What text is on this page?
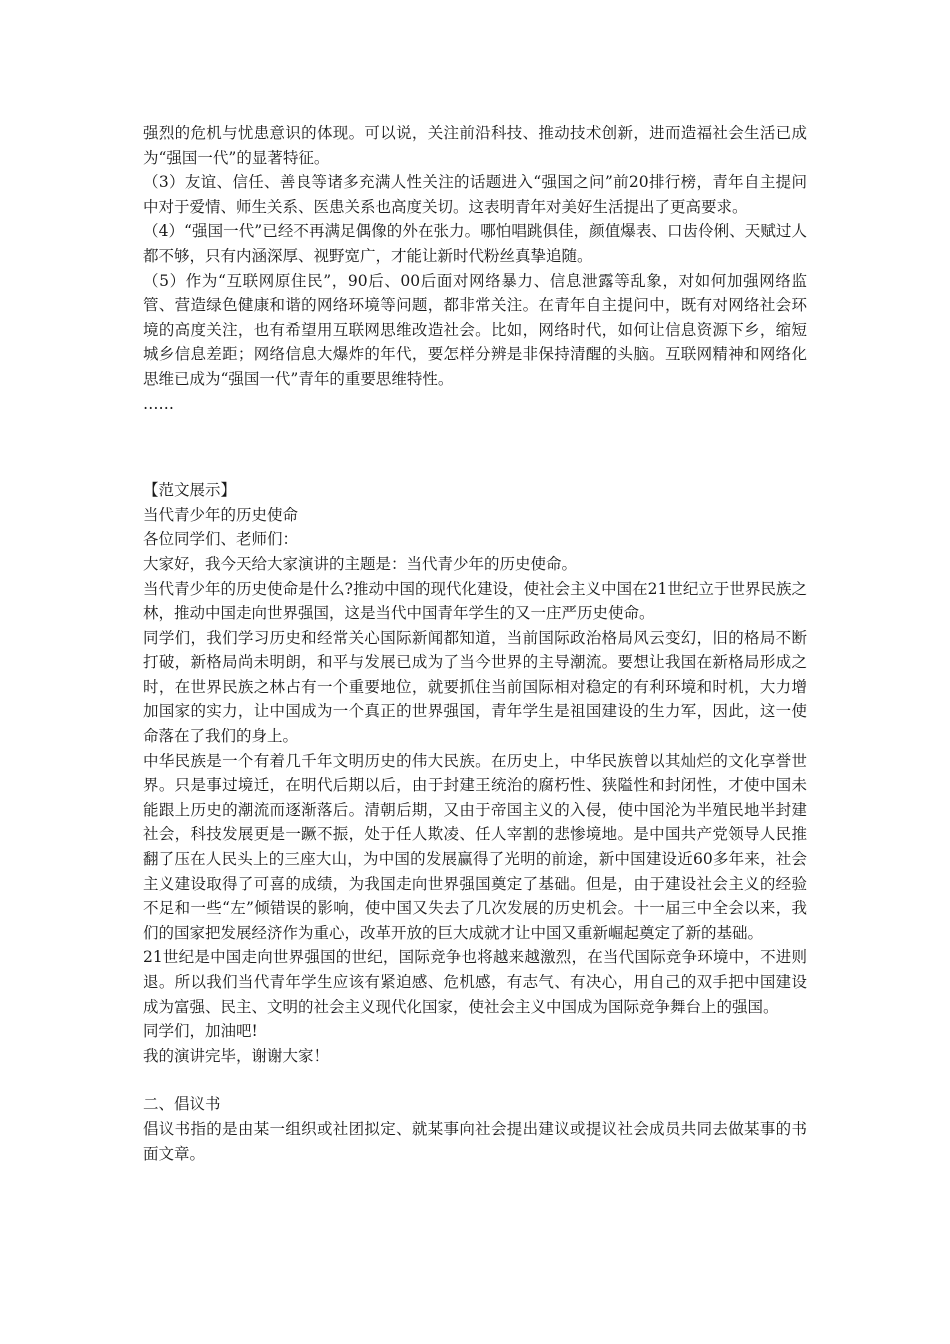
强烈的危机与忧患意识的体现。可以说，关注前沿科技、推动技术创新，进而造福社会生活已成为“强国一代”的显著特征。

（3）友谊、信任、善良等诸多充满人性关注的话题进入“强国之问”前20排行榜，青年自主提问中对于爱情、师生关系、医患关系也高度关切。这表明青年对美好生活提出了更高要求。

（4）“强国一代”已经不再满足偶像的外在张力。哪怕唱跳俱佳，颜值爆表、口齿伶俐、天赋过人都不够，只有内涵深厚、视野宽广，才能让新时代粉丝真挚追随。

（5）作为“互联网原住民”，90后、00后面对网络暴力、信息泄露等乱象，对如何加强网络监管、营造绿色健康和谐的网络环境等问题，都非常关注。在青年自主提问中，既有对网络社会环境的高度关注，也有希望用互联网思维改造社会。比如，网络时代，如何让信息资源下乡，缩短城乡信息差距；网络信息大爆炸的年代，要怎样分辨是非保持清醒的头脑。互联网精神和网络化思维已成为“强国一代”青年的重要思维特性。

……

【范文展示】

当代青少年的历史使命

各位同学们、老师们：

大家好，我今天给大家演讲的主题是：当代青少年的历史使命。

当代青少年的历史使命是什么?推动中国的现代化建设，使社会主义中国在21世纪立于世界民族之林，推动中国走向世界强国，这是当代中国青年学生的又一庄严历史使命。

同学们，我们学习历史和经常关心国际新闻都知道，当前国际政治格局风云变幻，旧的格局不断打破，新格局尚未明朗，和平与发展已成为了当今世界的主导潮流。要想让我国在新格局形成之时，在世界民族之林占有一个重要地位，就要抓住当前国际相对稳定的有利环境和时机，大力增加国家的实力，让中国成为一个真正的世界强国，青年学生是祖国建设的生力军，因此，这一使命落在了我们的身上。

中华民族是一个有着几千年文明历史的伟大民族。在历史上，中华民族曾以其灿烂的文化享誉世界。只是事过境迁，在明代后期以后，由于封建王统治的腐朽性、狭隘性和封闭性，才使中国未能跟上历史的潮流而逐渐落后。清朝后期，又由于帝国主义的入侵，使中国沦为半殖民地半封建社会，科技发展更是一蹶不振，处于任人欺凌、任人宰割的悲惨境地。是中国共产党领导人民推翻了压在人民头上的三座大山，为中国的发展赢得了光明的前途，新中国建设近60多年来，社会主义建设取得了可喜的成绩，为我国走向世界强国奠定了基础。但是，由于建设社会主义的经验不足和一些“左”倾错误的影响，使中国又失去了几次发展的历史机会。十一届三中全会以来，我们的国家把发展经济作为重心，改革开放的巨大成就才让中国又重新崛起奠定了新的基础。

21世纪是中国走向世界强国的世纪，国际竞争也将越来越激烈，在当代国际竞争环境中，不进则退。所以我们当代青年学生应该有紧迫感、危机感，有志气、有决心，用自己的双手把中国建设成为富强、民主、文明的社会主义现代化国家，使社会主义中国成为国际竞争舞台上的强国。

同学们，加油吧!

我的演讲完毕，谢谢大家！

二、倡议书

倡议书指的是由某一组织或社团拟定、就某事向社会提出建议或提议社会成员共同去做某事的书面文章。
